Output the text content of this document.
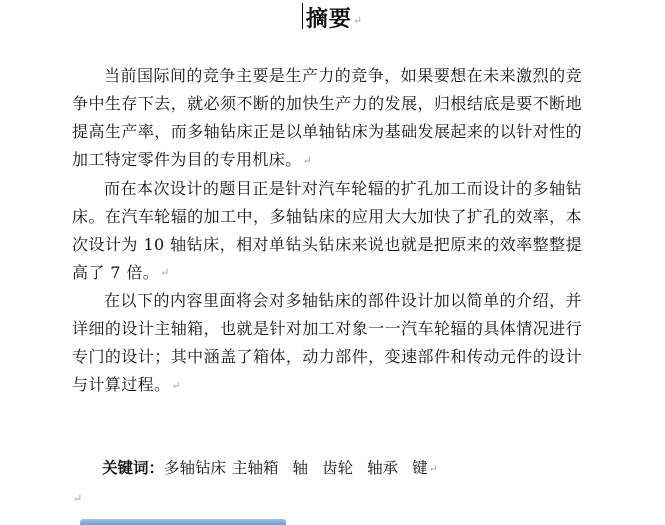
摘要↵

当前国际间的竞争主要是生产力的竞争，如果要想在未来激烈的竞争中生存下去，就必须不断的加快生产力的发展，归根结底是要不断地提高生产率，而多轴钻床正是以单轴钻床为基础发展起来的以针对性的加工特定零件为目的专用机床。↵

而在本次设计的题目正是针对汽车轮辐的扩孔加工而设计的多轴钻床。在汽车轮辐的加工中，多轴钻床的应用大大加快了扩孔的效率，本次设计为 10 轴钻床，相对单钻头钻床来说也就是把原来的效率整整提高了 7 倍。↵

在以下的内容里面将会对多轴钻床的部件设计加以简单的介绍，并详细的设计主轴箱，也就是针对加工对象一一汽车轮辐的具体情况进行专门的设计；其中涵盖了箱体，动力部件，变速部件和传动元件的设计与计算过程。↵

关键词：多轴钻床 主轴箱 轴 齿轮 轴承 键↵
↵
